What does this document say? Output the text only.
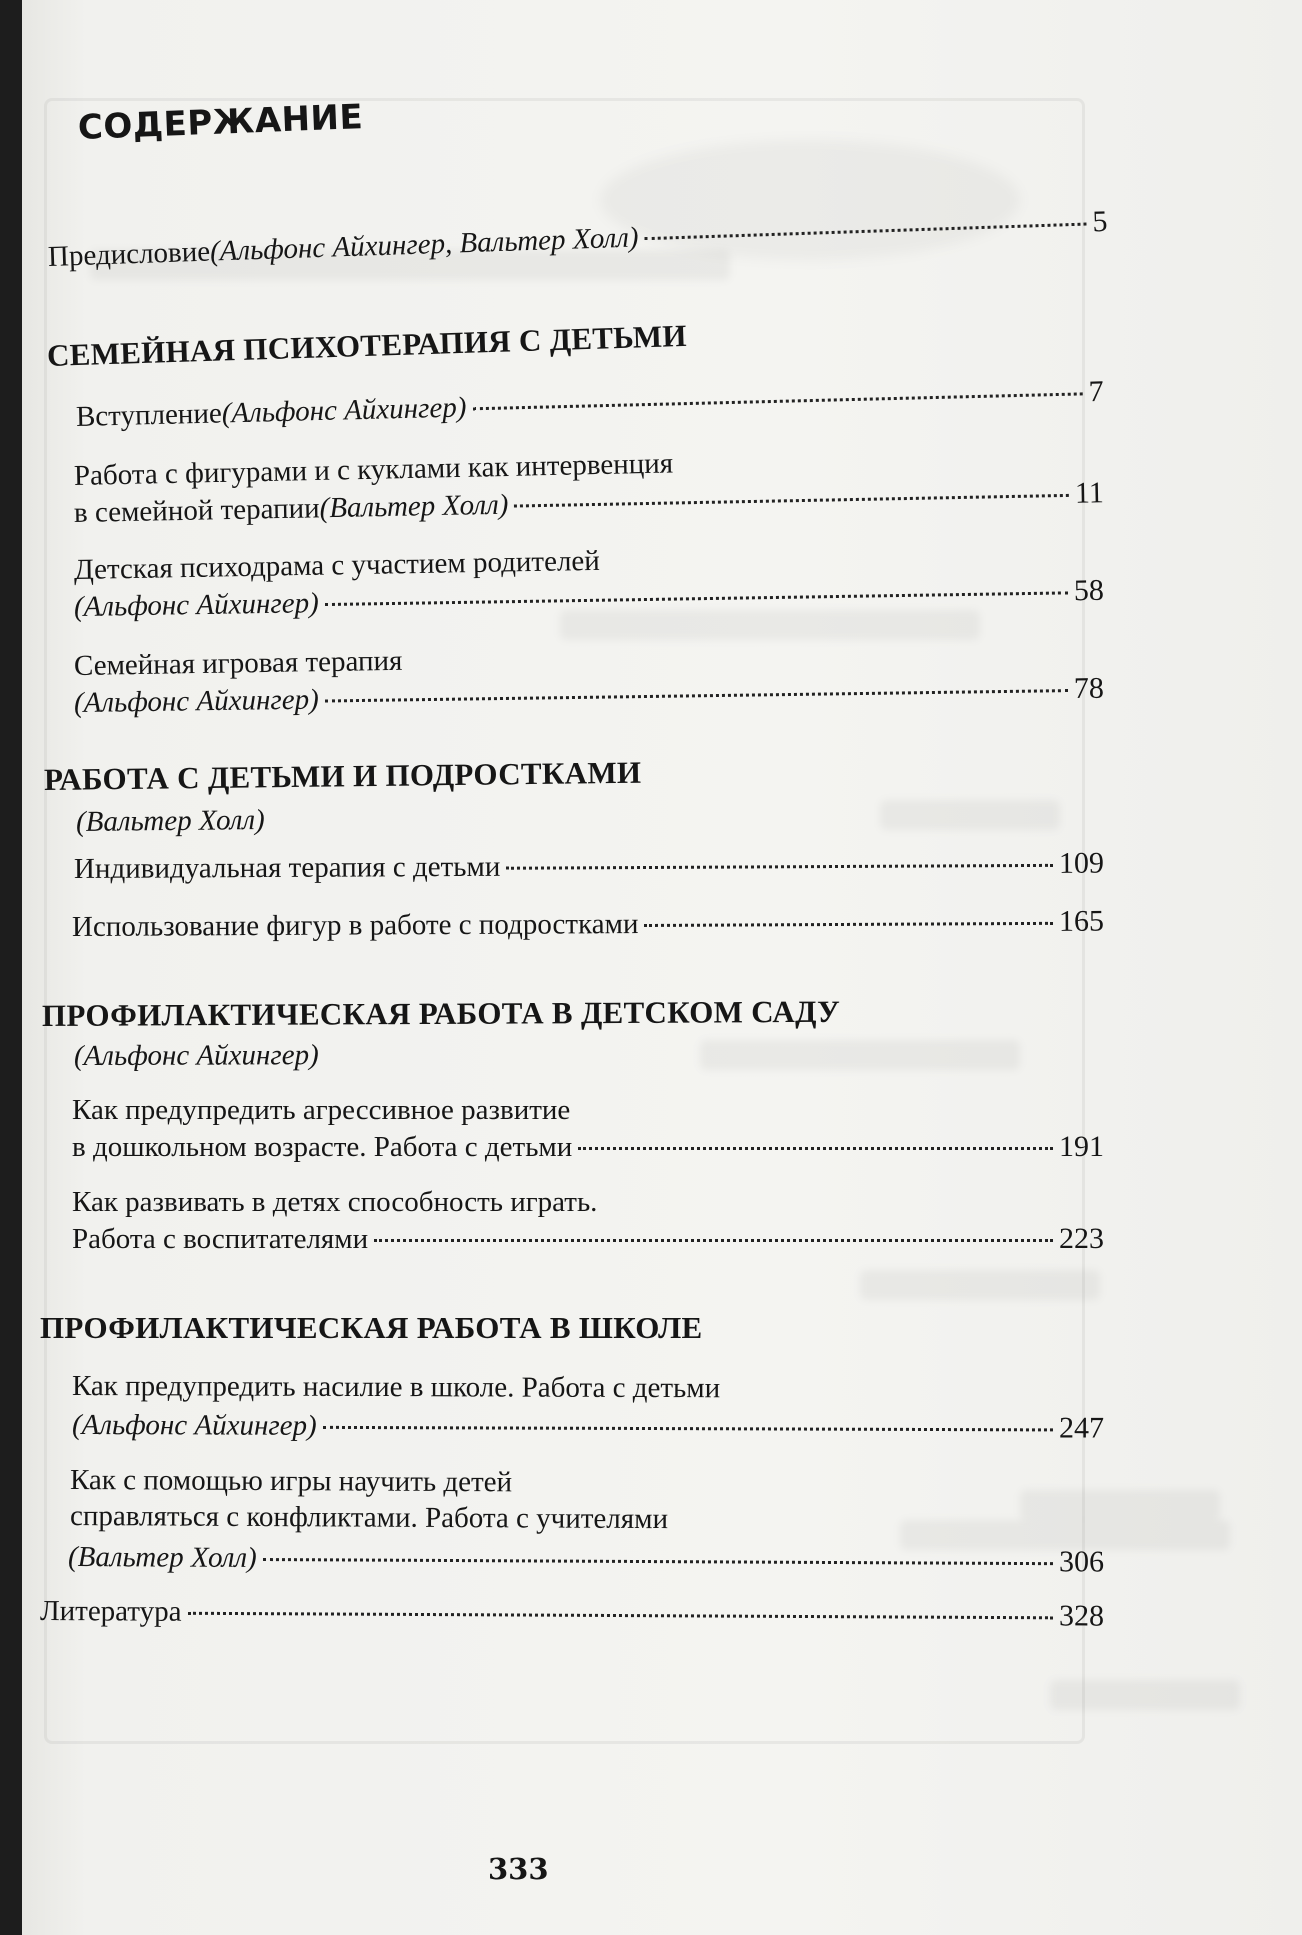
СОДЕРЖАНИЕ
Предисловие
(Альфонс Айхингер, Вальтер Холл)	5
СЕМЕЙНАЯ ПСИХОТЕРАПИЯ С ДЕТЬМИ
Вступление (Альфонс Айхингер)	7
Работа с фигурами и с куклами как интервенция
в семейной терапии (Вальтер Холл)	11
Детская психодрама с участием родителей
(Альфонс Айхингер)	58
Семейная игровая терапия
(Альфонс Айхингер)	78
РАБОТА С ДЕТЬМИ И ПОДРОСТКАМИ
(Вальтер Холл)
Индивидуальная терапия с детьми	109
Использование фигур в работе с подростками	165
ПРОФИЛАКТИЧЕСКАЯ РАБОТА В ДЕТСКОМ САДУ
(Альфонс Айхингер)
Как предупредить агрессивное развитие
в дошкольном возрасте. Работа с детьми	191
Как развивать в детях способность играть.
Работа с воспитателями	223
ПРОФИЛАКТИЧЕСКАЯ РАБОТА В ШКОЛЕ
Как предупредить насилие в школе. Работа с детьми
(Альфонс Айхингер)	247
Как с помощью игры научить детей
справляться с конфликтами. Работа с учителями
(Вальтер Холл)	306
Литература	328
333
